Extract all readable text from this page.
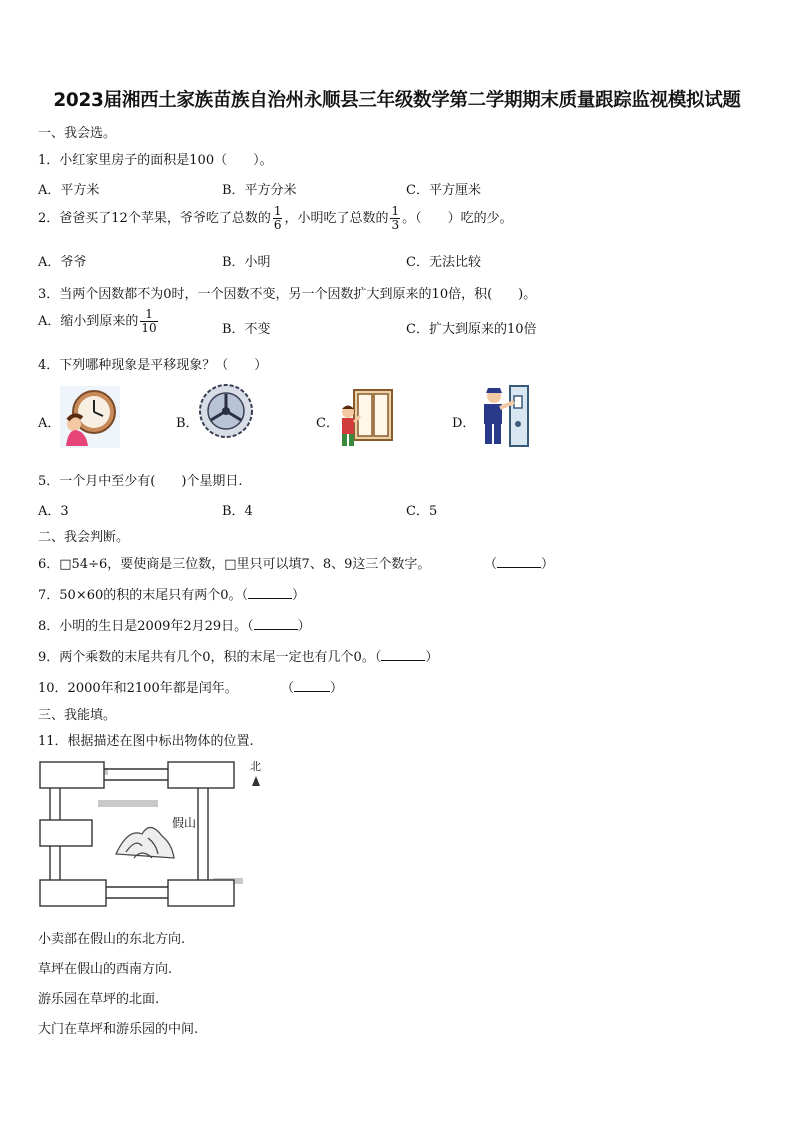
2023届湘西土家族苗族自治州永顺县三年级数学第二学期期末质量跟踪监视模拟试题
一、我会选。
1．小红家里房子的面积是100（　　）。
A．平方米	B．平方分米	C．平方厘米
2．爸爸买了12个苹果，爷爷吃了总数的 $\frac{1}{6}$ ，小明吃了总数的 $\frac{1}{3}$ 。（　　）吃的少。
A．爷爷	B．小明	C．无法比较
3．当两个因数都不为0时，一个因数不变，另一个因数扩大到原来的10倍，积(　　)。
A．缩小到原来的 $\frac{1}{10}$	B．不变	C．扩大到原来的10倍
4．下列哪种现象是平移现象？（　　）
A．	B．	C．	D．
5．一个月中至少有(　　)个星期日.
A．3	B．4	C．5
二、我会判断。
6．□54÷6，要使商是三位数，□里只可以填7、8、9这三个数字。	（	）
7．50×60的积的末尾只有两个0。（	）
8．小明的生日是2009年2月29日。（	）
9．两个乘数的末尾共有几个0，积的末尾一定也有几个0。（	）
10．2000年和2100年都是闰年。	（	）
三、我能填。
11．根据描述在图中标出物体的位置.
假山
北
小卖部在假山的东北方向.
草坪在假山的西南方向.
游乐园在草坪的北面.
大门在草坪和游乐园的中间.
